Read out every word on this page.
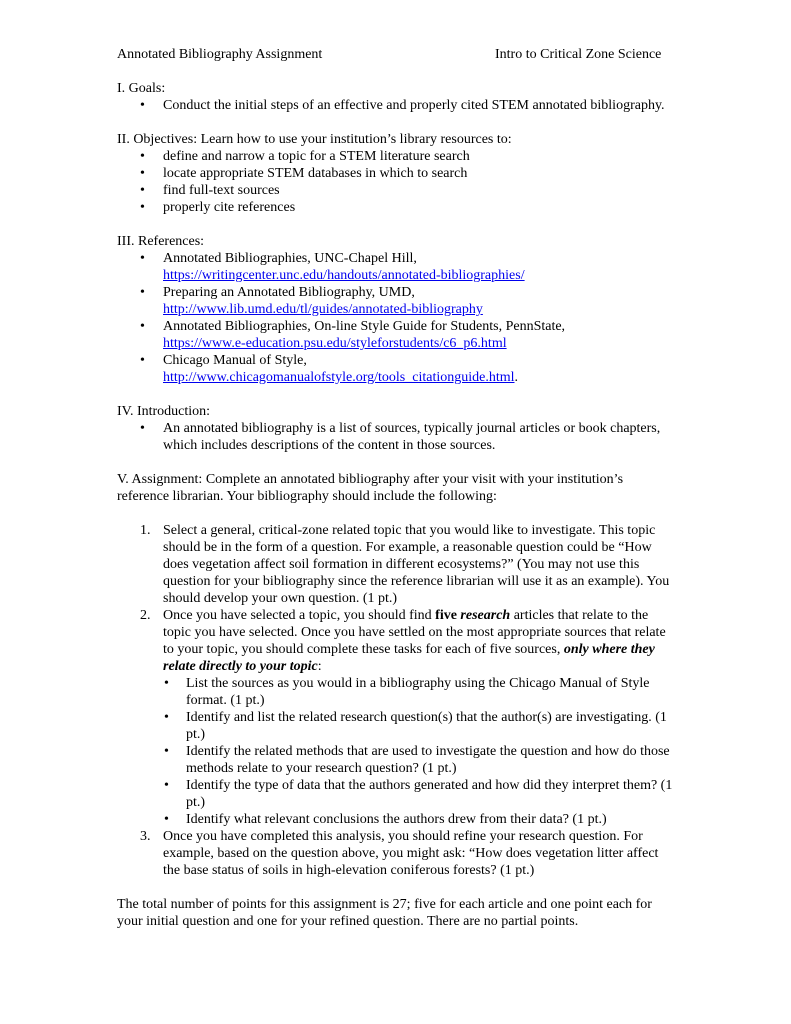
Annotated Bibliography Assignment	Intro to Critical Zone Science
I. Goals:
• Conduct the initial steps of an effective and properly cited STEM annotated bibliography.
II. Objectives: Learn how to use your institution’s library resources to:
• define and narrow a topic for a STEM literature search
• locate appropriate STEM databases in which to search
• find full-text sources
• properly cite references
III. References:
• Annotated Bibliographies, UNC-Chapel Hill,
https://writingcenter.unc.edu/handouts/annotated-bibliographies/
• Preparing an Annotated Bibliography, UMD,
http://www.lib.umd.edu/tl/guides/annotated-bibliography
• Annotated Bibliographies, On-line Style Guide for Students, PennState,
https://www.e-education.psu.edu/styleforstudents/c6_p6.html
• Chicago Manual of Style,
http://www.chicagomanualofstyle.org/tools_citationguide.html.
IV. Introduction:
• An annotated bibliography is a list of sources, typically journal articles or book chapters, which includes descriptions of the content in those sources.
V. Assignment: Complete an annotated bibliography after your visit with your institution’s reference librarian. Your bibliography should include the following:
1. Select a general, critical-zone related topic that you would like to investigate. This topic should be in the form of a question. For example, a reasonable question could be “How does vegetation affect soil formation in different ecosystems?” (You may not use this question for your bibliography since the reference librarian will use it as an example). You should develop your own question. (1 pt.)
2. Once you have selected a topic, you should find five research articles that relate to the topic you have selected. Once you have settled on the most appropriate sources that relate to your topic, you should complete these tasks for each of five sources, only where they relate directly to your topic:
• List the sources as you would in a bibliography using the Chicago Manual of Style format. (1 pt.)
• Identify and list the related research question(s) that the author(s) are investigating. (1 pt.)
• Identify the related methods that are used to investigate the question and how do those methods relate to your research question? (1 pt.)
• Identify the type of data that the authors generated and how did they interpret them? (1 pt.)
• Identify what relevant conclusions the authors drew from their data? (1 pt.)
3. Once you have completed this analysis, you should refine your research question. For example, based on the question above, you might ask: “How does vegetation litter affect the base status of soils in high-elevation coniferous forests? (1 pt.)
The total number of points for this assignment is 27; five for each article and one point each for your initial question and one for your refined question. There are no partial points.
